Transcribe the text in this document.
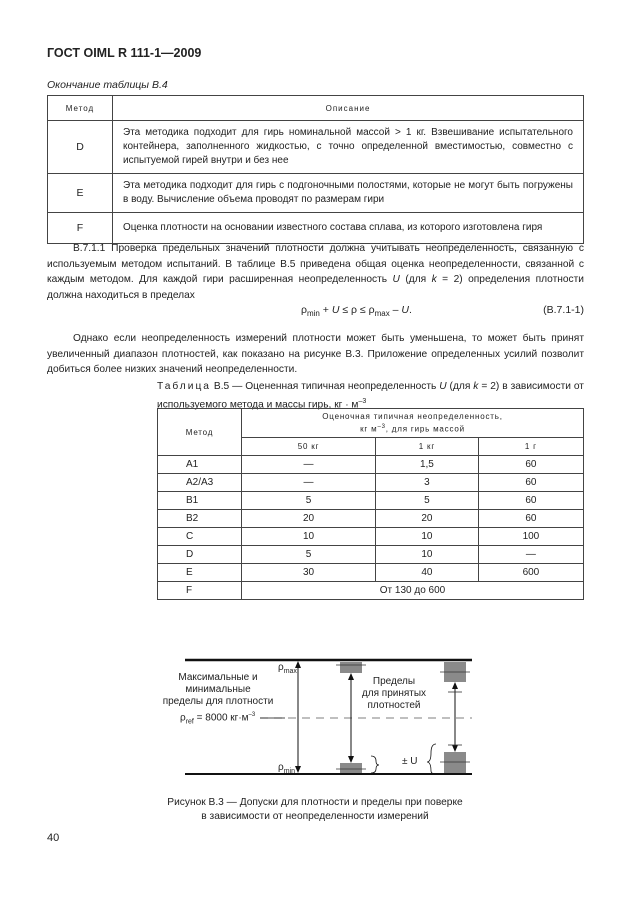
ГОСТ OIML R 111-1—2009
Окончание таблицы В.4
Метод	Описание
D	Эта методика подходит для гирь номинальной массой > 1 кг. Взвешивание испытательного контейнера, заполненного жидкостью, с точно определенной вместимостью, совместно с испытуемой гирей внутри и без нее
E	Эта методика подходит для гирь с подгоночными полостями, которые не могут быть погружены в воду. Вычисление объема проводят по размерам гири
F	Оценка плотности на основании известного состава сплава, из которого изготовлена гиря
В.7.1.1 Проверка предельных значений плотности должна учитывать неопределенность, связанную с используемым методом испытаний. В таблице В.5 приведена общая оценка неопределенности, связанной с каждым методом. Для каждой гири расширенная неопределенность U (для k = 2) определения плотности должна находиться в пределах
$\rho_{min} + U \le \rho \le \rho_{max} - U$.	(B.7.1-1)
Однако если неопределенность измерений плотности может быть уменьшена, то может быть принят увеличенный диапазон плотностей, как показано на рисунке В.3. Приложение определенных усилий позволит добиться более низких значений неопределенности.
Таблица В.5 — Оцененная типичная неопределенность U (для k = 2) в зависимости от используемого метода и массы гирь, кг · $м^{-3}$
Метод	Оценочная типичная неопределенность,
кг $м^{-3}$, для гирь массой		
	50 кг	1 кг	1 г
A1	—	1,5	60
A2/A3	—	3	60
B1	5	5	60
B2	20	20	60
C	10	10	100
D	5	10	—
E	30	40	600
F	От 130 до 600		
$\rho_{max}$
$\rho_{min}$
Максимальные и минимальные
пределы для плотности
$\rho_{ref} = 8000$ $кг\cdot м^{-3}$
Пределы
для принятых
плотностей
± U
Рисунок В.3 — Допуски для плотности и пределы при поверке
в зависимости от неопределенности измерений
40
